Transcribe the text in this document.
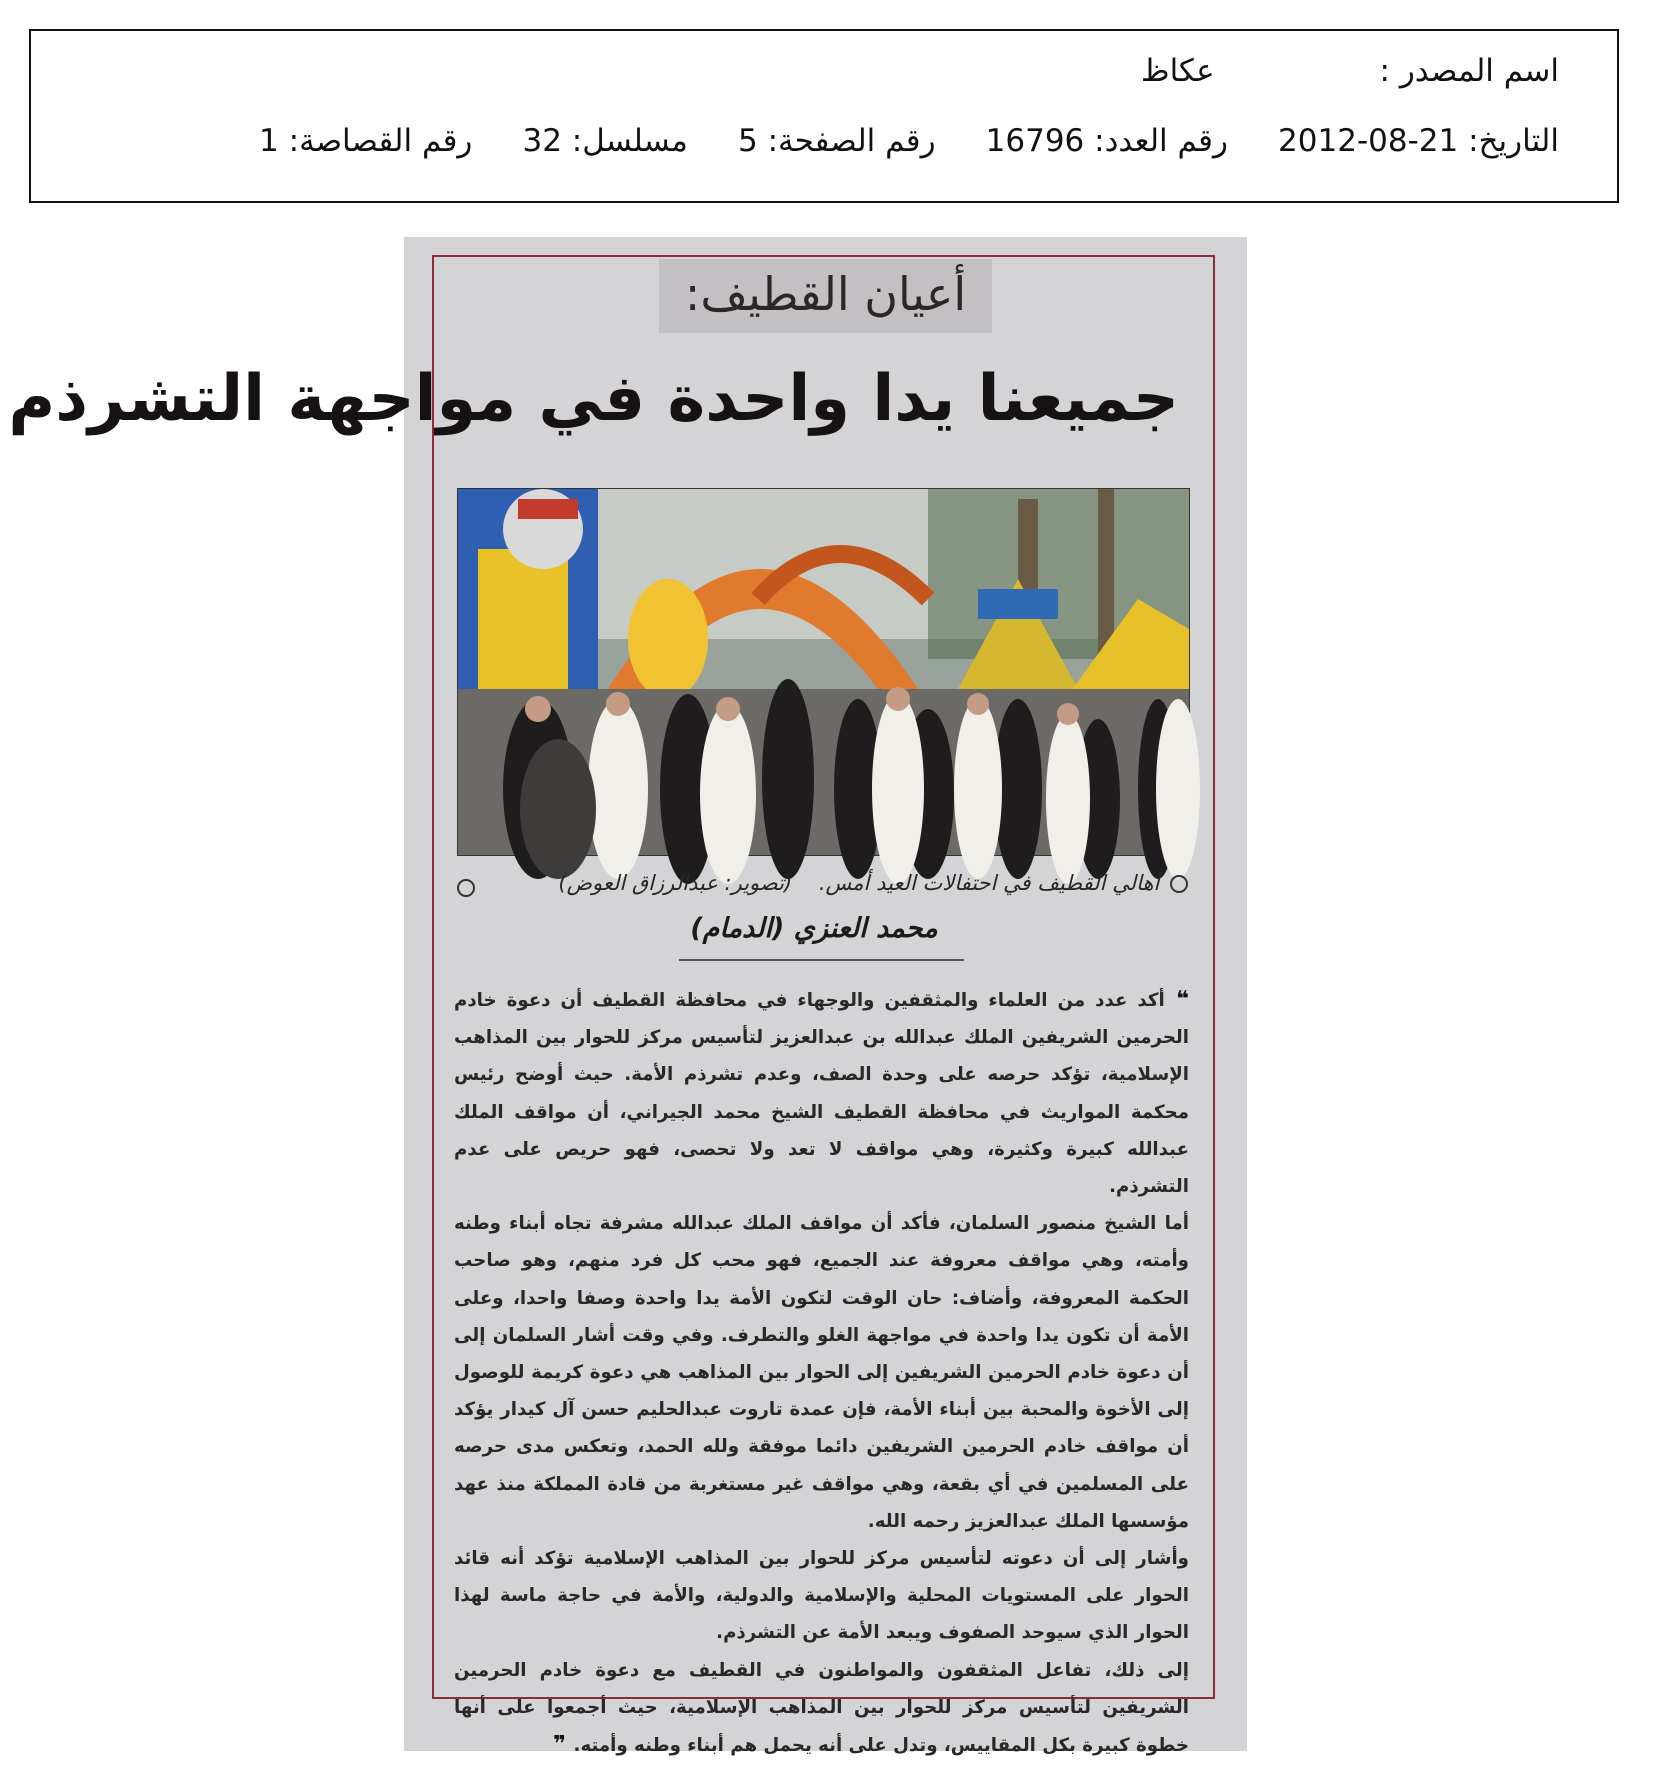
اسم المصدر : عكاظ
التاريخ: 2012-08-21
رقم العدد: 16796
رقم الصفحة: 5
مسلسل: 32
رقم القصاصة: 1
أعيان القطيف:
جميعنا يدا واحدة في مواجهة التشرذم
أهالي القطيف في احتفالات العيد أمس. (تصوير: عبدالرزاق العوض)
محمد العنزي (الدمام)

❝ أكد عدد من العلماء والمثقفين والوجهاء في محافظة القطيف أن دعوة خادم الحرمين الشريفين الملك عبدالله بن عبدالعزيز لتأسيس مركز للحوار بين المذاهب الإسلامية، تؤكد حرصه على وحدة الصف، وعدم تشرذم الأمة. حيث أوضح رئيس محكمة المواريث في محافظة القطيف الشيخ محمد الجيراني، أن مواقف الملك عبدالله كبيرة وكثيرة، وهي مواقف لا تعد ولا تحصى، فهو حريص على عدم التشرذم.

أما الشيخ منصور السلمان، فأكد أن مواقف الملك عبدالله مشرفة تجاه أبناء وطنه وأمته، وهي مواقف معروفة عند الجميع، فهو محب كل فرد منهم، وهو صاحب الحكمة المعروفة، وأضاف: حان الوقت لتكون الأمة يدا واحدة وصفا واحدا، وعلى الأمة أن تكون يدا واحدة في مواجهة الغلو والتطرف. وفي وقت أشار السلمان إلى أن دعوة خادم الحرمين الشريفين إلى الحوار بين المذاهب هي دعوة كريمة للوصول إلى الأخوة والمحبة بين أبناء الأمة، فإن عمدة تاروت عبدالحليم حسن آل كيدار يؤكد أن مواقف خادم الحرمين الشريفين دائما موفقة ولله الحمد، وتعكس مدى حرصه على المسلمين في أي بقعة، وهي مواقف غير مستغربة من قادة المملكة منذ عهد مؤسسها الملك عبدالعزيز رحمه الله.

وأشار إلى أن دعوته لتأسيس مركز للحوار بين المذاهب الإسلامية تؤكد أنه قائد الحوار على المستويات المحلية والإسلامية والدولية، والأمة في حاجة ماسة لهذا الحوار الذي سيوحد الصفوف ويبعد الأمة عن التشرذم.

إلى ذلك، تفاعل المثقفون والمواطنون في القطيف مع دعوة خادم الحرمين الشريفين لتأسيس مركز للحوار بين المذاهب الإسلامية، حيث أجمعوا على أنها خطوة كبيرة بكل المقاييس، وتدل على أنه يحمل هم أبناء وطنه وأمته. ❞
